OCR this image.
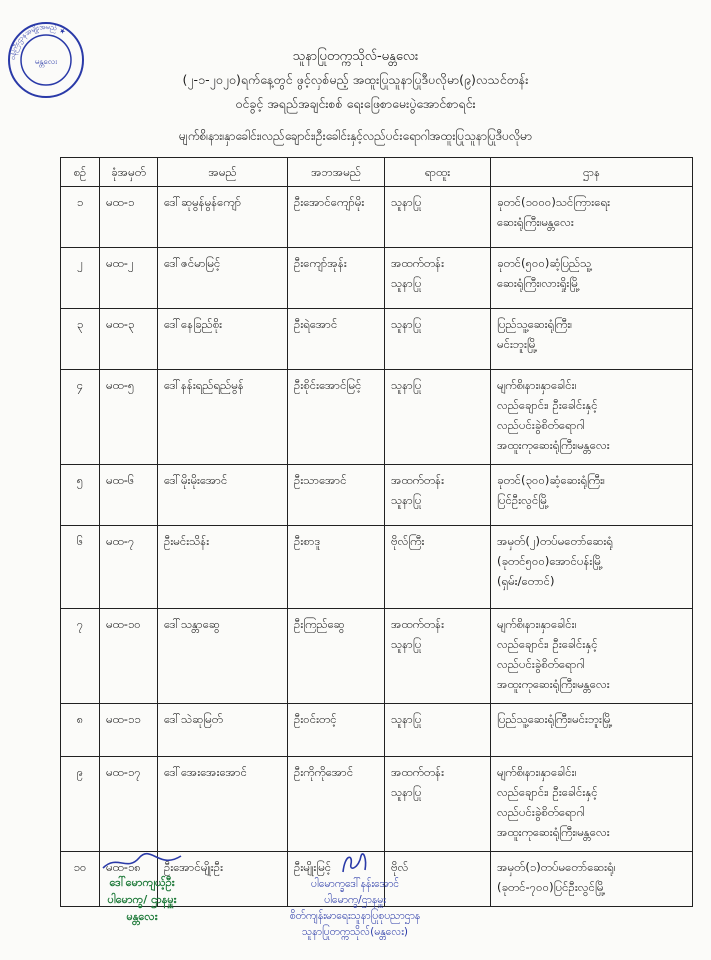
ဝန်ကြီးဌာနအမျိုးအမည် ★
မန္တလေး	သူနာပြုတက္ကသိုလ်-မန္တလေး
(၂-၁-၂၀၂၀)ရက်နေ့တွင် ဖွင့်လှစ်မည့် အထူးပြုသူနာပြုဒီပလိုမာ(၉)လသင်တန်း
ဝင်ခွင့် အရည်အချင်းစစ် ရေးဖြေစာမေးပွဲအောင်စာရင်း
မျက်စိ၊နား၊နှာခေါင်း၊လည်ချောင်း၊ဦးခေါင်းနှင့်လည်ပင်းရောဂါအထူးပြုသူနာပြုဒီပလိုမာ
စဉ်	ခုံအမှတ်	အမည်	အဘအမည်	ရာထူး	ဌာန
၁	မထ-၁	ဒေါ်ဆုမွန်မွန်ကျော်	ဦးအောင်ကျော်မိုး	သူနာပြု	ခုတင်(၁၀၀၀)သင်ကြားရေး
ဆေးရုံကြီး၊မန္တလေး

၂	မထ-၂	ဒေါ်ဇင်မာမြင့်	ဦးကျော်အုန်း	အထက်တန်း
သူနာပြု	ခုတင်(၅၀၀)ဆံ့ပြည်သူ့
ဆေးရုံကြီး၊လားရှိုးမြို့

၃	မထ-၃	ဒေါ်နေခြည်စိုး	ဦးရဲအောင်	သူနာပြု	ပြည်သူ့ဆေးရုံကြီး၊
မင်းဘူးမြို့

၄	မထ-၅	ဒေါ်နန်းရည်ရည်မွန်	ဦးစိုင်းအောင်မြင့်	သူနာပြု	မျက်စိ၊နား၊နှာခေါင်း၊
လည်ချောင်း၊ ဦးခေါင်းနှင့်
လည်ပင်းခွဲစိတ်ရောဂါ
အထူးကုဆေးရုံကြီး၊မန္တလေး

၅	မထ-၆	ဒေါ်မိုးမိုးအောင်	ဦးသာအောင်	အထက်တန်း
သူနာပြု	ခုတင်(၃၀၀)ဆံ့ဆေးရုံကြီး၊
ပြင်ဦးလွင်မြို့

၆	မထ-၇	ဦးမင်းသိန်း	ဦးစာဒူ	ဗိုလ်ကြီး	အမှတ်(၂)တပ်မတော်ဆေးရုံ
(ခုတင်၅၀၀)အောင်ပန်းမြို့
(ရှမ်း/တောင်)

၇	မထ-၁၀	ဒေါ်သန္တာဆွေ	ဦးကြည်ဆွေ	အထက်တန်း
သူနာပြု	မျက်စိ၊နား၊နှာခေါင်း၊
လည်ချောင်း၊ ဦးခေါင်းနှင့်
လည်ပင်းခွဲစိတ်ရောဂါ
အထူးကုဆေးရုံကြီး၊မန္တလေး

၈	မထ-၁၁	ဒေါ်သဲဆုမြတ်	ဦးဝင်းတင့်	သူနာပြု	ပြည်သူ့ဆေးရုံကြီး၊မင်းဘူးမြို့

၉	မထ-၁၇	ဒေါ်အေးအေးအောင်	ဦးကိုကိုအောင်	အထက်တန်း
သူနာပြု	မျက်စိ၊နား၊နှာခေါင်း၊
လည်ချောင်း၊ ဦးခေါင်းနှင့်
လည်ပင်းခွဲစိတ်ရောဂါ
အထူးကုဆေးရုံကြီး၊မန္တလေး

၁၀	မထ-၁၈	ဦးအောင်မျိုးဦး	ဦးမျိုးမြင့်	ဗိုလ်	အမှတ်(၁)တပ်မတော်ဆေးရုံ၊
(ခုတင်-၇၀၀)ပြင်ဦးလွင်မြို့
ဒေါ်မောကျယ့်ဦး
ပါမောက္ခ/ ဌာနမှူး
မန္တလေး
ပါမောက္ခဒေါ်နန်းအောင်
ပါမောက္ခ/ဌာနမှူး
စိတ်ကျန်းမာရေးသူနာပြုစုပညာဌာန
သူနာပြုတက္ကသိုလ်(မန္တလေး)
